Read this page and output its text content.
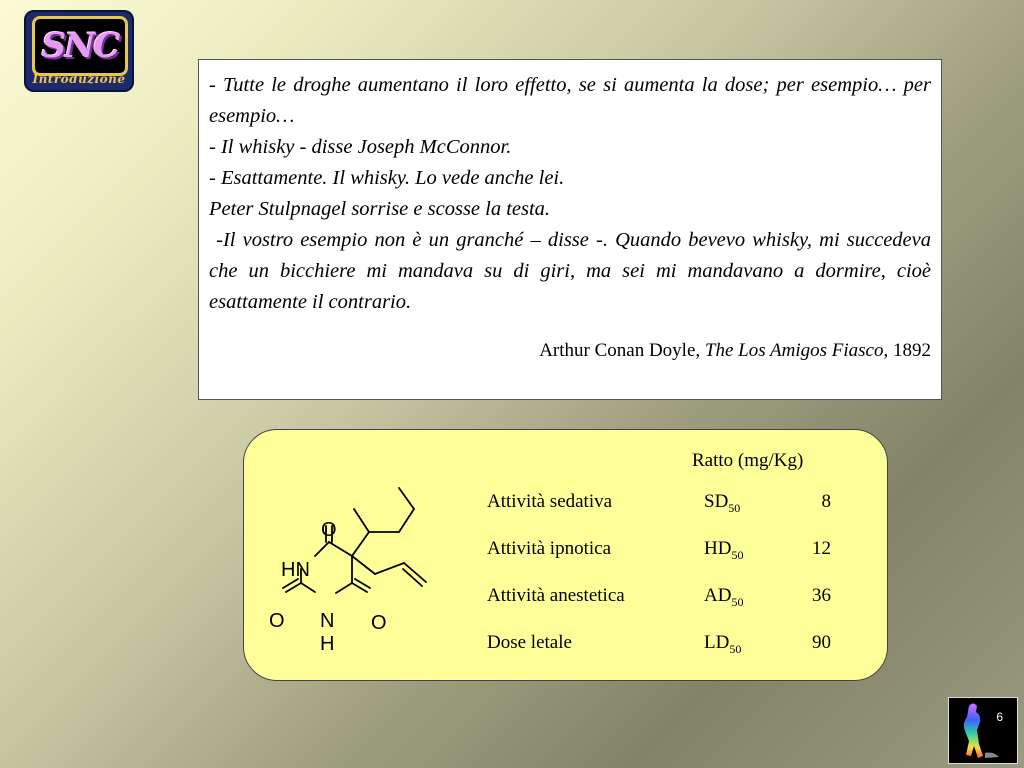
SNC
Introduzione	- Tutte le droghe aumentano il loro effetto, se si aumenta la dose; per esempio… per esempio…

- Il whisky - disse Joseph McConnor.

- Esattamente. Il whisky. Lo vede anche lei.

Peter Stulpnagel sorrise e scosse la testa.

-Il vostro esempio non è un granché – disse -. Quando bevevo whisky, mi succedeva che un bicchiere mi mandava su di giri, ma sei mi mandavano a dormire, cioè esattamente il contrario.

Arthur Conan Doyle, The Los Amigos Fiasco, 1892

O
HN
O N
H
O
Ratto (mg/Kg)
Attività sedativa	$SD_{50}$	8
Attività ipnotica	$HD_{50}$	12
Attività anestetica	$AD_{50}$	36
Dose letale	$LD_{50}$	90
6
